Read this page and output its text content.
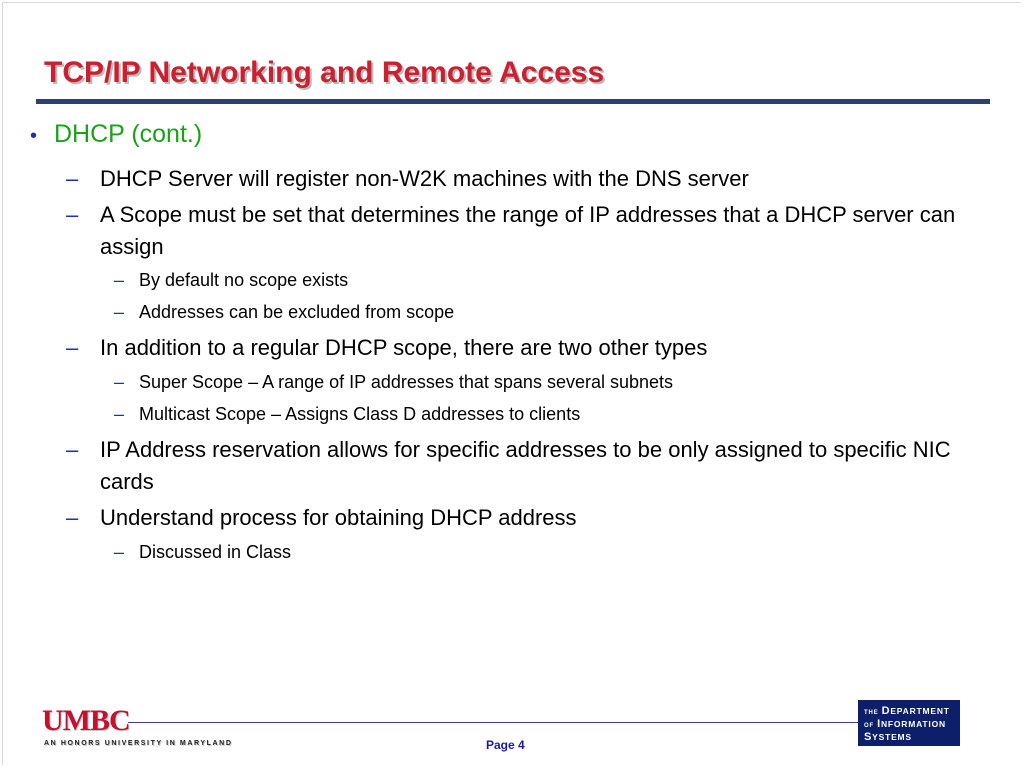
TCP/IP Networking and Remote Access
• DHCP (cont.)
– DHCP Server will register non-W2K machines with the DNS server
– A Scope must be set that determines the range of IP addresses that a DHCP server can assign
– By default no scope exists
– Addresses can be excluded from scope
– In addition to a regular DHCP scope, there are two other types
– Super Scope – A range of IP addresses that spans several subnets
– Multicast Scope – Assigns Class D addresses to clients
– IP Address reservation allows for specific addresses to be only assigned to specific NIC cards
– Understand process for obtaining DHCP address
– Discussed in Class
UMBC
AN HONORS UNIVERSITY IN MARYLAND	Page 4
THE DEPARTMENT
OF INFORMATION
SYSTEMS
